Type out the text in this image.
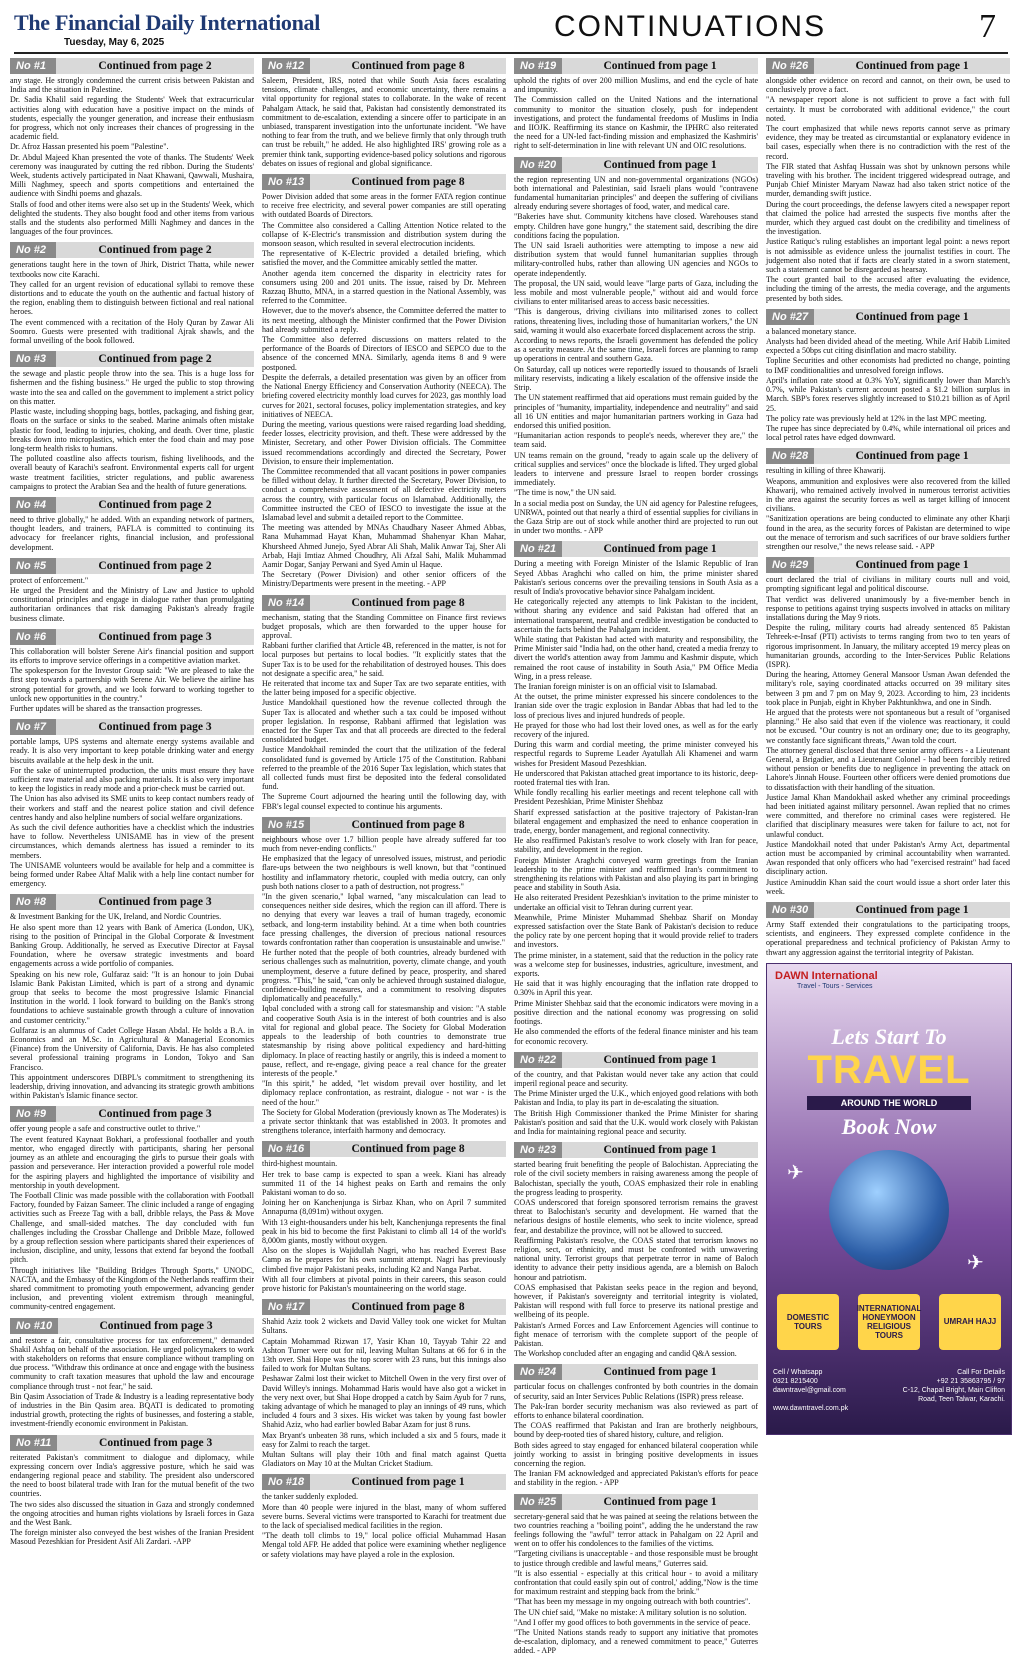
The Financial Daily International
Tuesday, May 6, 2025	CONTINUATIONS	7
No #1	Continued from page 2

any stage. He strongly condemned the current crisis between Pakistan and India and the situation in Palestine.

Dr. Sadia Khalil said regarding the Students' Week that extracurricular activities along with education have a positive impact on the minds of students, especially the younger generation, and increase their enthusiasm for progress, which not only increases their chances of progressing in the academic field.

Dr. Afroz Hassan presented his poem "Palestine".

Dr. Abdul Majeed Khan presented the vote of thanks. The Students' Week ceremony was inaugurated by cutting the red ribbon. During the Students' Week, students actively participated in Naat Khawani, Qawwali, Mushaira, Milli Naghmey, speech and sports competitions and entertained the audience with Sindhi poems and ghazals.

Stalls of food and other items were also set up in the Students' Week, which delighted the students. They also bought food and other items from various stalls and the students also performed Milli Naghmey and dances in the languages of the four provinces.

No #2	Continued from page 2

generations taught here in the town of Jhirk, District Thatta, while newer textbooks now cite Karachi.

They called for an urgent revision of educational syllabi to remove these distortions and to educate the youth on the authentic and factual history of the region, enabling them to distinguish between fictional and real national heroes.

The event commenced with a recitation of the Holy Quran by Zawar Ali Soomro. Guests were presented with traditional Ajrak shawls, and the formal unveiling of the book followed.

No #3	Continued from page 2

the sewage and plastic people throw into the sea. This is a huge loss for fishermen and the fishing business." He urged the public to stop throwing waste into the sea and called on the government to implement a strict policy on this matter.

Plastic waste, including shopping bags, bottles, packaging, and fishing gear, floats on the surface or sinks to the seabed. Marine animals often mistake plastic for food, leading to injuries, choking, and death. Over time, plastic breaks down into microplastics, which enter the food chain and may pose long-term health risks to humans.

The polluted coastline also affects tourism, fishing livelihoods, and the overall beauty of Karachi's seafront. Environmental experts call for urgent waste treatment facilities, stricter regulations, and public awareness campaigns to protect the Arabian Sea and the health of future generations.

No #4	Continued from page 2

need to thrive globally," he added. With an expanding network of partners, thought leaders, and trainers, PAFLA is committed to continuing its advocacy for freelancer rights, financial inclusion, and professional development.

No #5	Continued from page 2

protect of enforcement."

He urged the President and the Ministry of Law and Justice to uphold constitutional principles and engage in dialogue rather than promulgating authoritarian ordinances that risk damaging Pakistan's already fragile business climate.

No #6	Continued from page 3

This collaboration will bolster Serene Air's financial position and support its efforts to improve service offerings in a competitive aviation market.

The spokesperson for the Investor Group said: "We are pleased to take the first step towards a partnership with Serene Air. We believe the airline has strong potential for growth, and we look forward to working together to unlock new opportunities in the country."

Further updates will be shared as the transaction progresses.

No #7	Continued from page 3

portable lamps, UPS systems and alternate energy systems available and ready. It is also very important to keep potable drinking water and energy biscuits available at the help desk in the unit.

For the sake of uninterrupted production, the units must ensure they have sufficient raw material and also packing materials. It is also very important to keep the logistics in ready mode and a prior-check must be carried out.

The Union has also advised its SME units to keep contact numbers ready of their workers and staff and the nearest police station and civil defence centres handy and also helpline numbers of social welfare organizations.

As such the civil defence authorities have a checklist which the industries have to follow. Nevertheless UNISAME has in view of the present circumstances, which demands alertness has issued a reminder to its members.

The UNISAME volunteers would be available for help and a committee is being formed under Rabee Altaf Malik with a help line contact number for emergency.

No #8	Continued from page 3

& Investment Banking for the UK, Ireland, and Nordic Countries.

He also spent more than 12 years with Bank of America (London, UK), rising to the position of Principal in the Global Corporate & Investment Banking Group. Additionally, he served as Executive Director at Faysal Foundation, where he oversaw strategic investments and board engagements across a wide portfolio of companies.

Speaking on his new role, Gulfaraz said: "It is an honour to join Dubai Islamic Bank Pakistan Limited, which is part of a strong and dynamic group that seeks to become the most progressive Islamic Financial Institution in the world. I look forward to building on the Bank's strong foundations to achieve sustainable growth through a culture of innovation and customer centricity."

Gulfaraz is an alumnus of Cadet College Hasan Abdal. He holds a B.A. in Economics and an M.Sc. in Agricultural & Managerial Economics (Finance) from the University of California, Davis. He has also completed several professional training programs in London, Tokyo and San Francisco.

This appointment underscores DIBPL's commitment to strengthening its leadership, driving innovation, and advancing its strategic growth ambitions within Pakistan's Islamic finance sector.

No #9	Continued from page 3

offer young people a safe and constructive outlet to thrive."

The event featured Kaynaat Bokhari, a professional footballer and youth mentor, who engaged directly with participants, sharing her personal journey as an athlete and encouraging the girls to pursue their goals with passion and perseverance. Her interaction provided a powerful role model for the aspiring players and highlighted the importance of visibility and mentorship in youth development.

The Football Clinic was made possible with the collaboration with Football Factory, founded by Faizan Sameer. The clinic included a range of engaging activities such as Freeze Tag with a ball, dribble relays, the Pass & Move Challenge, and small-sided matches. The day concluded with fun challenges including the Crossbar Challenge and Dribble Maze, followed by a group reflection session where participants shared their experiences of inclusion, discipline, and unity, lessons that extend far beyond the football pitch.

Through initiatives like "Building Bridges Through Sports," UNODC, NACTA, and the Embassy of the Kingdom of the Netherlands reaffirm their shared commitment to promoting youth empowerment, advancing gender inclusion, and preventing violent extremism through meaningful, community-centred engagement.

No #10	Continued from page 3

and restore a fair, consultative process for tax enforcement," demanded Shakil Ashfaq on behalf of the association. He urged policymakers to work with stakeholders on reforms that ensure compliance without trampling on due process. "Withdraw this ordinance at once and engage with the business community to craft taxation measures that uphold the law and encourage compliance through trust - not fear," he said.

Bin Qasim Association of Trade & Industry is a leading representative body of industries in the Bin Qasim area. BQATI is dedicated to promoting industrial growth, protecting the rights of businesses, and fostering a stable, investment-friendly economic environment in Pakistan.

No #11	Continued from page 3

reiterated Pakistan's commitment to dialogue and diplomacy, while expressing concern over India's aggressive posture, which he said was endangering regional peace and stability. The president also underscored the need to boost bilateral trade with Iran for the mutual benefit of the two countries.

The two sides also discussed the situation in Gaza and strongly condemned the ongoing atrocities and human rights violations by Israeli forces in Gaza and the West Bank.

The foreign minister also conveyed the best wishes of the Iranian President Masoud Pezeshkian for President Asif Ali Zardari. -APP

No #12	Continued from page 8

Saleem, President, IRS, noted that while South Asia faces escalating tensions, climate challenges, and economic uncertainty, there remains a vital opportunity for regional states to collaborate. In the wake of recent Pahalgam Attack, he said that, Pakistan had consistently demonstrated its commitment to de-escalation, extending a sincere offer to participate in an unbiased, transparent investigation into the unfortunate incident. "We have nothing to fear from the truth, and we believe firmly that only through truth can trust be rebuilt," he added. He also highlighted IRS' growing role as a premier think tank, supporting evidence-based policy solutions and rigorous debates on issues of regional and global significance.

No #13	Continued from page 8

Power Division added that some areas in the former FATA region continue to receive free electricity, and several power companies are still operating with outdated Boards of Directors.

The Committee also considered a Calling Attention Notice related to the collapse of K-Electric's transmission and distribution system during the monsoon season, which resulted in several electrocution incidents.

The representative of K-Electric provided a detailed briefing, which satisfied the mover, and the Committee amicably settled the matter.

Another agenda item concerned the disparity in electricity rates for consumers using 200 and 201 units. The issue, raised by Dr. Mehreen Razzaq Bhutto, MNA, in a starred question in the National Assembly, was referred to the Committee.

However, due to the mover's absence, the Committee deferred the matter to its next meeting, although the Minister confirmed that the Power Division had already submitted a reply.

The Committee also deferred discussions on matters related to the performance of the Boards of Directors of IESCO and SEPCO due to the absence of the concerned MNA. Similarly, agenda items 8 and 9 were postponed.

Despite the deferrals, a detailed presentation was given by an officer from the National Energy Efficiency and Conservation Authority (NEECA). The briefing covered electricity monthly load curves for 2023, gas monthly load curves for 2021, sectoral focuses, policy implementation strategies, and key initiatives of NEECA.

During the meeting, various questions were raised regarding load shedding, feeder losses, electricity provision, and theft. These were addressed by the Minister, Secretary, and other Power Division officials. The Committee issued recommendations accordingly and directed the Secretary, Power Division, to ensure their implementation.

The Committee recommended that all vacant positions in power companies be filled without delay. It further directed the Secretary, Power Division, to conduct a comprehensive assessment of all defective electricity meters across the country, with particular focus on Islamabad. Additionally, the Committee instructed the CEO of IESCO to investigate the issue at the Islamabad level and submit a detailed report to the Committee.

The meeting was attended by MNAs Chaudhary Naseer Ahmed Abbas, Rana Muhammad Hayat Khan, Muhammad Shahenyar Khan Mahar, Khursheed Ahmed Junejo, Syed Abrar Ali Shah, Malik Anwar Taj, Sher Ali Arbab, Haji Imtiaz Ahmed Choudhry, Ali Afzal Sahi, Malik Muhammad Aamir Dogar, Sanjay Perwani and Syed Amin ul Haque.

The Secretary (Power Division) and other senior officers of the Ministry/Departments were present in the meeting. - APP

No #14	Continued from page 8

mechanism, stating that the Standing Committee on Finance first reviews budget proposals, which are then forwarded to the upper house for approval.

Rabbani further clarified that Article 4B, referenced in the matter, is not for local purposes but pertains to local bodies. "It explicitly states that the Super Tax is to be used for the rehabilitation of destroyed houses. This does not designate a specific area," he said.

He reiterated that income tax and Super Tax are two separate entities, with the latter being imposed for a specific objective.

Justice Mandokhail questioned how the revenue collected through the Super Tax is allocated and whether such a tax could be imposed without proper legislation. In response, Rabbani affirmed that legislation was enacted for the Super Tax and that all proceeds are directed to the federal consolidated budget.

Justice Mandokhail reminded the court that the utilization of the federal consolidated fund is governed by Article 175 of the Constitution. Rabbani referred to the preamble of the 2016 Super Tax legislation, which states that all collected funds must first be deposited into the federal consolidated fund.

The Supreme Court adjourned the hearing until the following day, with FBR's legal counsel expected to continue his arguments.

No #15	Continued from page 8

neighbours whose over 1.7 billion people have already suffered far too much from never-ending conflicts."

He emphasized that the legacy of unresolved issues, mistrust, and periodic flare-ups between the two neighbours is well known, but that "continued hostility and inflammatory rhetoric, coupled with media outcry, can only push both nations closer to a path of destruction, not progress."

"In the given scenario," Iqbal warned, "any miscalculation can lead to consequences neither side desires, which the region can ill afford. There is no denying that every war leaves a trail of human tragedy, economic setback, and long-term instability behind. At a time when both countries face pressing challenges, the diversion of precious national resources towards confrontation rather than cooperation is unsustainable and unwise."

He further noted that the people of both countries, already burdened with serious challenges such as malnutrition, poverty, climate change, and youth unemployment, deserve a future defined by peace, prosperity, and shared progress. "This," he said, "can only be achieved through sustained dialogue, confidence-building measures, and a commitment to resolving disputes diplomatically and peacefully."

Iqbal concluded with a strong call for statesmanship and vision: "A stable and cooperative South Asia is in the interest of both countries and is also vital for regional and global peace. The Society for Global Moderation appeals to the leadership of both countries to demonstrate true statesmanship by rising above political expediency and hard-hitting diplomacy. In place of reacting hastily or angrily, this is indeed a moment to pause, reflect, and re-engage, giving peace a real chance for the greater interests of the people."

"In this spirit," he added, "let wisdom prevail over hostility, and let diplomacy replace confrontation, as restraint, dialogue - not war - is the need of the hour."

The Society for Global Moderation (previously known as The Moderates) is a private sector thinktank that was established in 2003. It promotes and strengthens tolerance, interfaith harmony and democracy.

No #16	Continued from page 8

third-highest mountain.

Her trek to base camp is expected to span a week. Kiani has already summited 11 of the 14 highest peaks on Earth and remains the only Pakistani woman to do so.

Joining her on Kanchenjunga is Sirbaz Khan, who on April 7 summited Annapurna (8,091m) without oxygen.

With 13 eight-thousanders under his belt, Kanchenjunga represents the final peak in his bid to become the first Pakistani to climb all 14 of the world's 8,000m giants, mostly without oxygen.

Also on the slopes is Wajidullah Nagri, who has reached Everest Base Camp as he prepares for his own summit attempt. Nagri has previously climbed five major Pakistani peaks, including K2 and Nanga Parbat.

With all four climbers at pivotal points in their careers, this season could prove historic for Pakistan's mountaineering on the world stage.

No #17	Continued from page 8

Shahid Aziz took 2 wickets and David Valley took one wicket for Multan Sultans.

Captain Mohammad Rizwan 17, Yasir Khan 10, Tayyab Tahir 22 and Ashton Turner were out for nil, leaving Multan Sultans at 66 for 6 in the 13th over. Shai Hope was the top scorer with 23 runs, but this innings also failed to work for Multan Sultans.

Peshawar Zalmi lost their wicket to Mitchell Owen in the very first over of David Willey's innings. Mohammad Haris would have also got a wicket in the very next over, but Shai Hope dropped a catch by Saim Ayub for 7 runs, taking advantage of which he managed to play an innings of 49 runs, which included 4 fours and 3 sixes. His wicket was taken by young fast bowler Shahid Aziz, who had earlier bowled Babar Azam for just 8 runs.

Max Bryant's unbeaten 38 runs, which included a six and 5 fours, made it easy for Zalmi to reach the target.

Multan Sultans will play their 10th and final match against Quetta Gladiators on May 10 at the Multan Cricket Stadium.

No #18	Continued from page 1

the tanker suddenly exploded.

More than 40 people were injured in the blast, many of whom suffered severe burns. Several victims were transported to Karachi for treatment due to the lack of specialised medical facilities in the region.

"The death toll climbs to 19," local police official Muhammad Hasan Mengal told AFP. He added that police were examining whether negligence or safety violations may have played a role in the explosion.

No #19	Continued from page 1

uphold the rights of over 200 million Muslims, and end the cycle of hate and impunity.

The Commission called on the United Nations and the international community to monitor the situation closely, push for independent investigations, and protect the fundamental freedoms of Muslims in India and IIOJK. Reaffirming its stance on Kashmir, the IPHRC also reiterated the need for a UN-led fact-finding mission and emphasized the Kashmiris' right to self-determination in line with relevant UN and OIC resolutions.

No #20	Continued from page 1

the region representing UN and non-governmental organizations (NGOs) both international and Palestinian, said Israeli plans would "contravene fundamental humanitarian principles" and deepen the suffering of civilians already enduring severe shortages of food, water, and medical care.

"Bakeries have shut. Community kitchens have closed. Warehouses stand empty. Children have gone hungry," the statement said, describing the dire conditions facing the population.

The UN said Israeli authorities were attempting to impose a new aid distribution system that would funnel humanitarian supplies through military-controlled hubs, rather than allowing UN agencies and NGOs to operate independently.

The proposal, the UN said, would leave "large parts of Gaza, including the less mobile and most vulnerable people," without aid and would force civilians to enter militarised areas to access basic necessities.

"This is dangerous, driving civilians into militarised zones to collect rations, threatening lives, including those of humanitarian workers," the UN said, warning it would also exacerbate forced displacement across the strip.

According to news reports, the Israeli government has defended the policy as a security measure. At the same time, Israeli forces are planning to ramp up operations in central and southern Gaza.

On Saturday, call up notices were reportedly issued to thousands of Israeli military reservists, indicating a likely escalation of the offensive inside the Strip.

The UN statement reaffirmed that aid operations must remain guided by the principles of "humanity, impartiality, independence and neutrality" and said all 16 UN entities and major humanitarian partners working in Gaza had endorsed this unified position.

"Humanitarian action responds to people's needs, wherever they are," the team said.

UN teams remain on the ground, "ready to again scale up the delivery of critical supplies and services" once the blockade is lifted. They urged global leaders to intervene and pressure Israel to reopen border crossings immediately.

"The time is now," the UN said.

In a social media post on Sunday, the UN aid agency for Palestine refugees, UNRWA, pointed out that nearly a third of essential supplies for civilians in the Gaza Strip are out of stock while another third are projected to run out in under two months. - APP

No #21	Continued from page 1

During a meeting with Foreign Minister of the Islamic Republic of Iran Seyed Abbas Araghchi who called on him, the prime minister shared Pakistan's serious concerns over the prevailing tensions in South Asia as a result of India's provocative behavior since Pahalgam incident.

He categorically rejected any attempts to link Pakistan to the incident, without sharing any evidence and said Pakistan had offered that an international transparent, neutral and credible investigation be conducted to ascertain the facts behind the Pahalgam incident.

While stating that Pakistan had acted with maturity and responsibility, the Prime Minister said "India had, on the other hand, created a media frenzy to divert the world's attention away from Jammu and Kashmir dispute, which remained the root cause of instability in South Asia," PM Office Media Wing, in a press release.

The Iranian foreign minister is on an official visit to Islamabad.

At the outset, the prime minister expressed his sincere condolences to the Iranian side over the tragic explosion in Bandar Abbas that had led to the loss of precious lives and injured hundreds of people.

He prayed for those who had lost their loved ones, as well as for the early recovery of the injured.

During this warm and cordial meeting, the prime minister conveyed his respectful regards to Supreme Leader Ayatullah Ali Khamenei and warm wishes for President Masoud Pezeshkian.

He underscored that Pakistan attached great importance to its historic, deep-rooted fraternal ties with Iran.

While fondly recalling his earlier meetings and recent telephone call with President Pezeshkian, Prime Minister Shehbaz

Sharif expressed satisfaction at the positive trajectory of Pakistan-Iran bilateral engagement and emphasized the need to enhance cooperation in trade, energy, border management, and regional connectivity.

He also reaffirmed Pakistan's resolve to work closely with Iran for peace, stability, and development in the region.

Foreign Minister Araghchi conveyed warm greetings from the Iranian leadership to the prime minister and reaffirmed Iran's commitment to strengthening its relations with Pakistan and also playing its part in bringing peace and stability in South Asia.

He also reiterated President Pezeshkian's invitation to the prime minister to undertake an official visit to Tehran during current year.

Meanwhile, Prime Minister Muhammad Shehbaz Sharif on Monday expressed satisfaction over the State Bank of Pakistan's decision to reduce the policy rate by one percent hoping that it would provide relief to traders and investors.

The prime minister, in a statement, said that the reduction in the policy rate was a welcome step for businesses, industries, agriculture, investment, and exports.

He said that it was highly encouraging that the inflation rate dropped to 0.30% in April this year.

Prime Minister Shehbaz said that the economic indicators were moving in a positive direction and the national economy was progressing on solid footings.

He also commended the efforts of the federal finance minister and his team for economic recovery.

No #22	Continued from page 1

of the country, and that Pakistan would never take any action that could imperil regional peace and security.

The Prime Minister urged the U.K., which enjoyed good relations with both Pakistan and India, to play its part in de-escalating the situation.

The British High Commissioner thanked the Prime Minister for sharing Pakistan's position and said that the U.K. would work closely with Pakistan and India for maintaining regional peace and security.

No #23	Continued from page 1

started bearing fruit benefiting the people of Balochistan. Appreciating the role of the civil society members in raising awareness among the people of Balochistan, specially the youth, COAS emphasized their role in enabling the progress leading to prosperity.

COAS underscored that foreign sponsored terrorism remains the gravest threat to Balochistan's security and development. He warned that the nefarious designs of hostile elements, who seek to incite violence, spread fear, and destabilize the province, will not be allowed to succeed.

Reaffirming Pakistan's resolve, the COAS stated that terrorism knows no religion, sect, or ethnicity, and must be confronted with unwavering national unity. Terrorist groups that perpetrate terror in name of Baloch identity to advance their petty insidious agenda, are a blemish on Baloch honour and patriotism.

COAS emphasised that Pakistan seeks peace in the region and beyond, however, if Pakistan's sovereignty and territorial integrity is violated, Pakistan will respond with full force to preserve its national prestige and wellbeing of its people.

Pakistan's Armed Forces and Law Enforcement Agencies will continue to fight menace of terrorism with the complete support of the people of Pakistan.

The Workshop concluded after an engaging and candid Q&A session.

No #24	Continued from page 1

particular focus on challenges confronted by both countries in the domain of security, said an Inter Services Public Relations (ISPR) press release.

The Pak-Iran border security mechanism was also reviewed as part of efforts to enhance bilateral coordination.

The COAS reaffirmed that Pakistan and Iran are brotherly neighbours, bound by deep-rooted ties of shared history, culture, and religion.

Both sides agreed to stay engaged for enhanced bilateral cooperation while jointly working to assist in bringing positive developments in issues concerning the region.

The Iranian FM acknowledged and appreciated Pakistan's efforts for peace and stability in the region. - APP

No #25	Continued from page 1

secretary-general said that he was pained at seeing the relations between the two countries reaching a "boiling point", adding the he understand the raw feelings following the "awful" terror attack in Pahalgam on 22 April and went on to offer his condolences to the families of the victims.

"Targeting civilians is unacceptable - and those responsible must be brought to justice through credible and lawful means," Guterres said.

"It is also essential - especially at this critical hour - to avoid a military confrontation that could easily spin out of control,' adding,"Now is the time for maximum restraint and stepping back from the brink."

"That has been my message in my ongoing outreach with both countries".

The UN chief said, "Make no mistake: A military solution is no solution.

"And I offer my good offices to both governments in the service of peace.

"The United Nations stands ready to support any initiative that promotes de-escalation, diplomacy, and a renewed commitment to peace," Guterres added. - APP

No #26	Continued from page 1

alongside other evidence on record and cannot, on their own, be used to conclusively prove a fact.

"A newspaper report alone is not sufficient to prove a fact with full certainty. It must be corroborated with additional evidence," the court noted.

The court emphasized that while news reports cannot serve as primary evidence, they may be treated as circumstantial or explanatory evidence in bail cases, especially when there is no contradiction with the rest of the record.

The FIR stated that Ashfaq Hussain was shot by unknown persons while traveling with his brother. The incident triggered widespread outrage, and Punjab Chief Minister Maryam Nawaz had also taken strict notice of the murder, demanding swift justice.

During the court proceedings, the defense lawyers cited a newspaper report that claimed the police had arrested the suspects five months after the murder, which they argued cast doubt on the credibility and timeliness of the investigation.

Justice Ratiquc's ruling establishes an important legal point: a news report is not admissible as evidence unless the journalist testifies in court. The judgement also noted that if facts are clearly stated in a sworn statement, such a statement cannot be disregarded as hearsay.

The court granted bail to the accused after evaluating the evidence, including the timing of the arrests, the media coverage, and the arguments presented by both sides.

No #27	Continued from page 1

a balanced monetary stance.

Analysts had been divided ahead of the meeting. While Arif Habib Limited expected a 50bps cut citing disinflation and macro stability.

Topline Securities and other economists had predicted no change, pointing to IMF conditionalities and unresolved foreign inflows.

April's inflation rate stood at 0.3% YoY, significantly lower than March's 0.7%, while Pakistan's current account posted a $1.2 billion surplus in March. SBP's forex reserves slightly increased to $10.21 billion as of April 25.

The policy rate was previously held at 12% in the last MPC meeting.

The rupee has since depreciated by 0.4%, while international oil prices and local petrol rates have edged downward.

No #28	Continued from page 1

resulting in killing of three Khawarij.

Weapons, ammunition and explosives were also recovered from the killed Khawarij, who remained actively involved in numerous terrorist activities in the area against the security forces as well as target killing of innocent civilians.

"Sanitization operations are being conducted to eliminate any other Kharji found in the area, as the security forces of Pakistan are determined to wipe out the menace of terrorism and such sacrifices of our brave soldiers further strengthen our resolve," the news release said. - APP

No #29	Continued from page 1

court declared the trial of civilians in military courts null and void, prompting significant legal and political discourse.

That verdict was delivered unanimously by a five-member bench in response to petitions against trying suspects involved in attacks on military installations during the May 9 riots.

Despite the ruling, military courts had already sentenced 85 Pakistan Tehreek-e-Insaf (PTI) activists to terms ranging from two to ten years of rigorous imprisonment. In January, the military accepted 19 mercy pleas on humanitarian grounds, according to the Inter-Services Public Relations (ISPR).

During the hearing, Attorney General Mansoor Usman Awan defended the military's role, saying coordinated attacks occurred on 39 military sites between 3 pm and 7 pm on May 9, 2023. According to him, 23 incidents took place in Punjab, eight in Khyber Pakhtunkhwa, and one in Sindh.

He argued that the protests were not spontaneous but a result of "organised planning." He also said that even if the violence was reactionary, it could not be excused. "Our country is not an ordinary one; due to its geography, we constantly face significant threats," Awan told the court.

The attorney general disclosed that three senior army officers - a Lieutenant General, a Brigadier, and a Lieutenant Colonel - had been forcibly retired without pension or benefits due to negligence in preventing the attack on Lahore's Jinnah House. Fourteen other officers were denied promotions due to dissatisfaction with their handling of the situation.

Justice Jamal Khan Mandokhail asked whether any criminal proceedings had been initiated against military personnel. Awan replied that no crimes were committed, and therefore no criminal cases were registered. He clarified that disciplinary measures were taken for failure to act, not for unlawful conduct.

Justice Mandokhail noted that under Pakistan's Army Act, departmental action must be accompanied by criminal accountability when warranted. Awan responded that only officers who had "exercised restraint" had faced disciplinary action.

Justice Aminuddin Khan said the court would issue a short order later this week.

No #30	Continued from page 1

Army Staff extended their congratulations to the participating troops, scientists, and engineers. They expressed complete confidence in the operational preparedness and technical proficiency of Pakistan Army to thwart any aggression against the territorial integrity of Pakistan.

DAWN International
Travel - Tours - Services
Lets Start To
TRAVEL
AROUND THE WORLD
Book Now
✈
✈
DOMESTIC TOURS
INTERNATIONAL HONEYMOON RELIGIOUS TOURS
UMRAH HAJJ
Cell / Whatsapp	Call For Details
0321 8215400	+92 21 35863795 / 97
dawntravel@gmail.com	C-12, Chapal Bright, Main Clifton Road, Teen Talwar, Karachi.
www.dawntravel.com.pk
